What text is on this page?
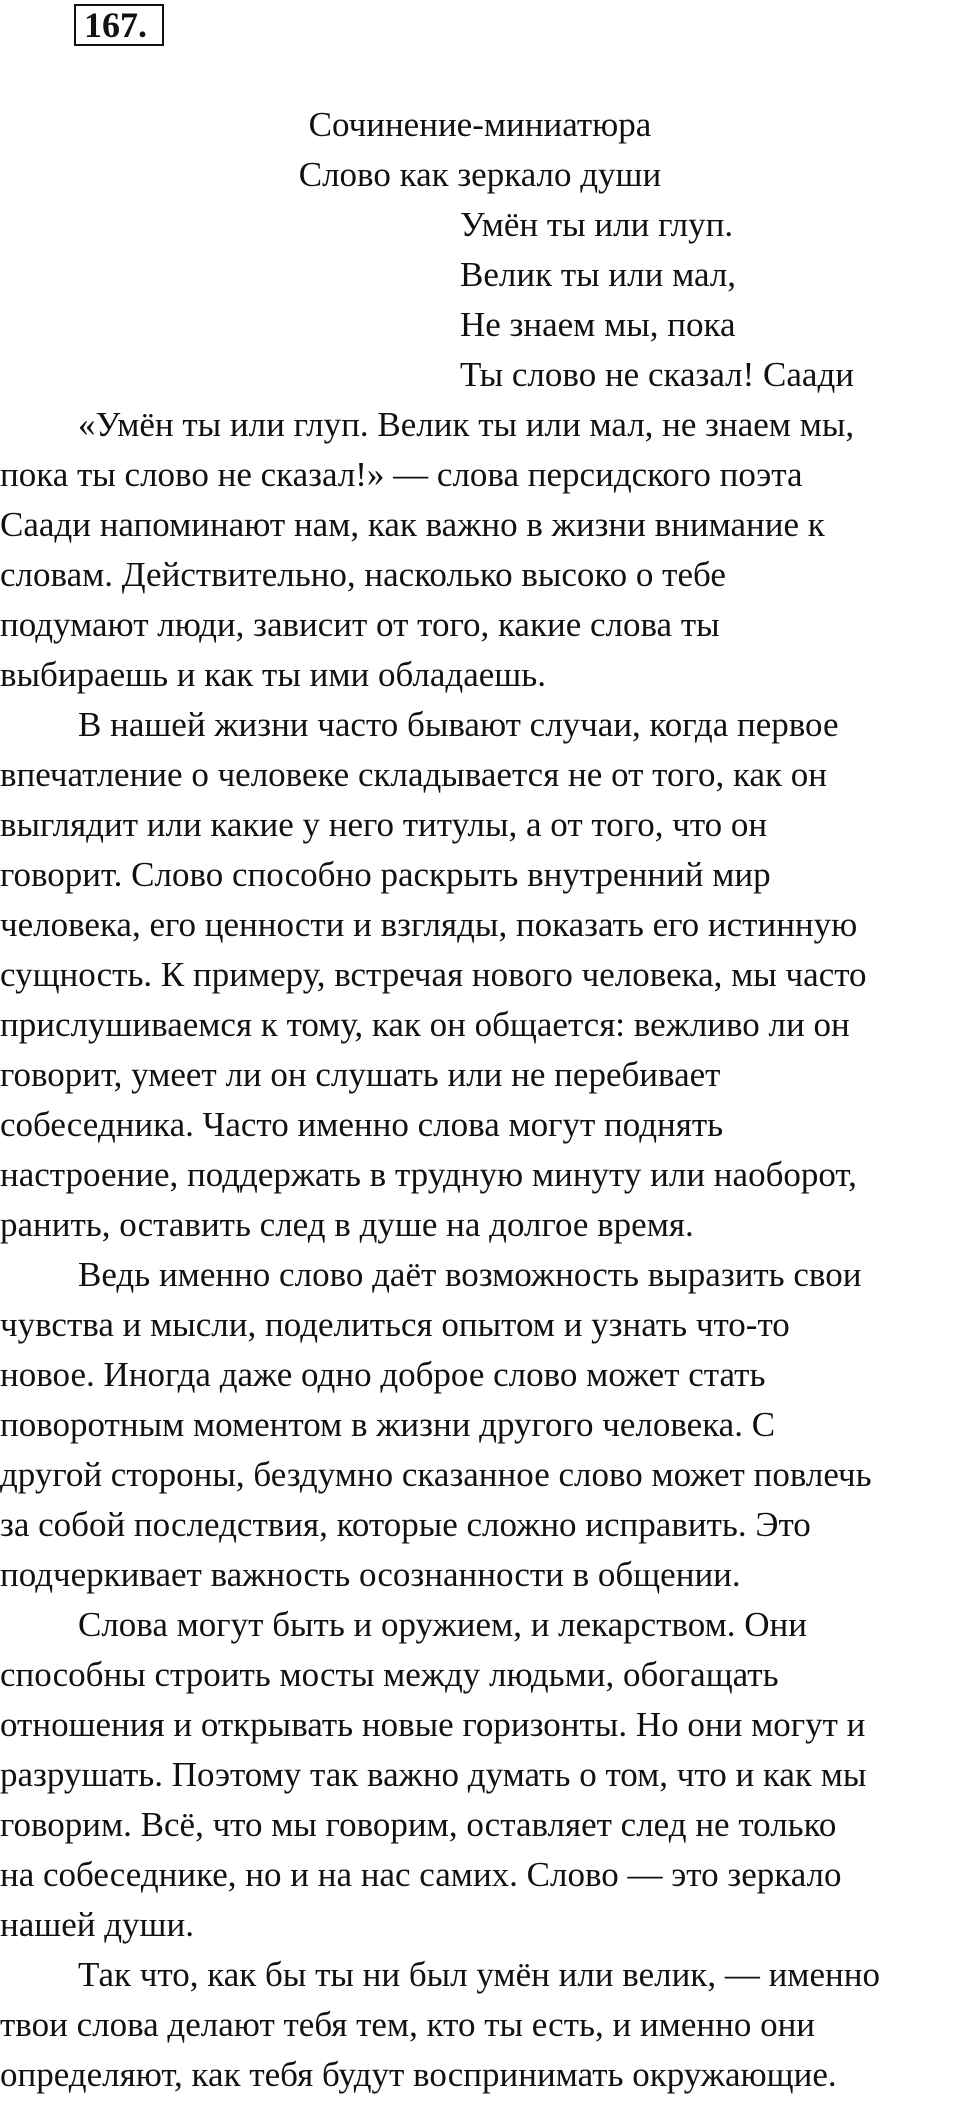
167.
Сочинение-миниатюра
Слово как зеркало души
Умён ты или глуп.
Велик ты или мал,
Не знаем мы, пока
Ты слово не сказал! Саади

«Умён ты или глуп. Велик ты или мал, не знаем мы,
пока ты слово не сказал!» — слова персидского поэта
Саади напоминают нам, как важно в жизни внимание к
словам. Действительно, насколько высоко о тебе
подумают люди, зависит от того, какие слова ты
выбираешь и как ты ими обладаешь.

В нашей жизни часто бывают случаи, когда первое
впечатление о человеке складывается не от того, как он
выглядит или какие у него титулы, а от того, что он
говорит. Слово способно раскрыть внутренний мир
человека, его ценности и взгляды, показать его истинную
сущность. К примеру, встречая нового человека, мы часто
прислушиваемся к тому, как он общается: вежливо ли он
говорит, умеет ли он слушать или не перебивает
собеседника. Часто именно слова могут поднять
настроение, поддержать в трудную минуту или наоборот,
ранить, оставить след в душе на долгое время.

Ведь именно слово даёт возможность выразить свои
чувства и мысли, поделиться опытом и узнать что-то
новое. Иногда даже одно доброе слово может стать
поворотным моментом в жизни другого человека. С
другой стороны, бездумно сказанное слово может повлечь
за собой последствия, которые сложно исправить. Это
подчеркивает важность осознанности в общении.

Слова могут быть и оружием, и лекарством. Они
способны строить мосты между людьми, обогащать
отношения и открывать новые горизонты. Но они могут и
разрушать. Поэтому так важно думать о том, что и как мы
говорим. Всё, что мы говорим, оставляет след не только
на собеседнике, но и на нас самих. Слово — это зеркало
нашей души.

Так что, как бы ты ни был умён или велик, — именно
твои слова делают тебя тем, кто ты есть, и именно они
определяют, как тебя будут воспринимать окружающие.
